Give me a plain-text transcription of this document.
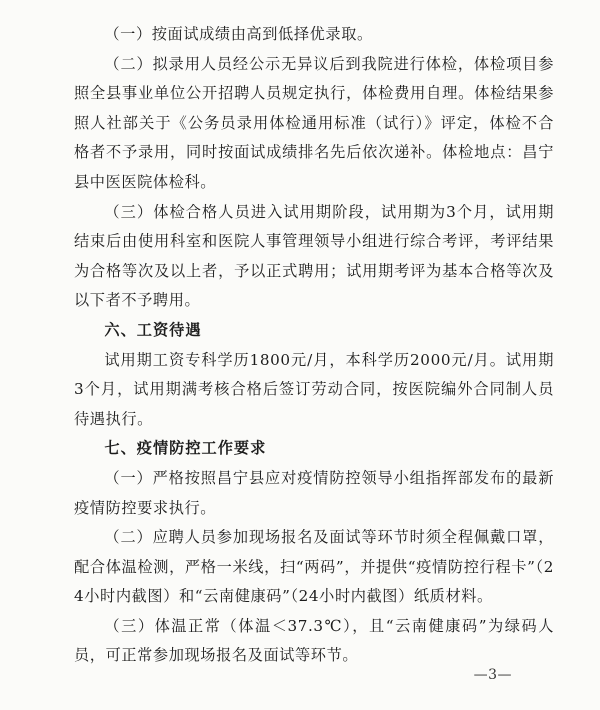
（一）按面试成绩由高到低择优录取。

（二）拟录用人员经公示无异议后到我院进行体检，体检项目参照全县事业单位公开招聘人员规定执行，体检费用自理。体检结果参照人社部关于《公务员录用体检通用标准（试行）》评定，体检不合格者不予录用，同时按面试成绩排名先后依次递补。体检地点：昌宁县中医医院体检科。

（三）体检合格人员进入试用期阶段，试用期为3个月，试用期结束后由使用科室和医院人事管理领导小组进行综合考评，考评结果为合格等次及以上者，予以正式聘用；试用期考评为基本合格等次及以下者不予聘用。

六、工资待遇

试用期工资专科学历1800元/月，本科学历2000元/月。试用期3个月，试用期满考核合格后签订劳动合同，按医院编外合同制人员待遇执行。

七、疫情防控工作要求

（一）严格按照昌宁县应对疫情防控领导小组指挥部发布的最新疫情防控要求执行。

（二）应聘人员参加现场报名及面试等环节时须全程佩戴口罩，配合体温检测，严格一米线，扫“两码”，并提供“疫情防控行程卡”（24小时内截图）和“云南健康码”（24小时内截图）纸质材料。

（三）体温正常（体温＜37.3℃），且“云南健康码”为绿码人员，可正常参加现场报名及面试等环节。

—3—
